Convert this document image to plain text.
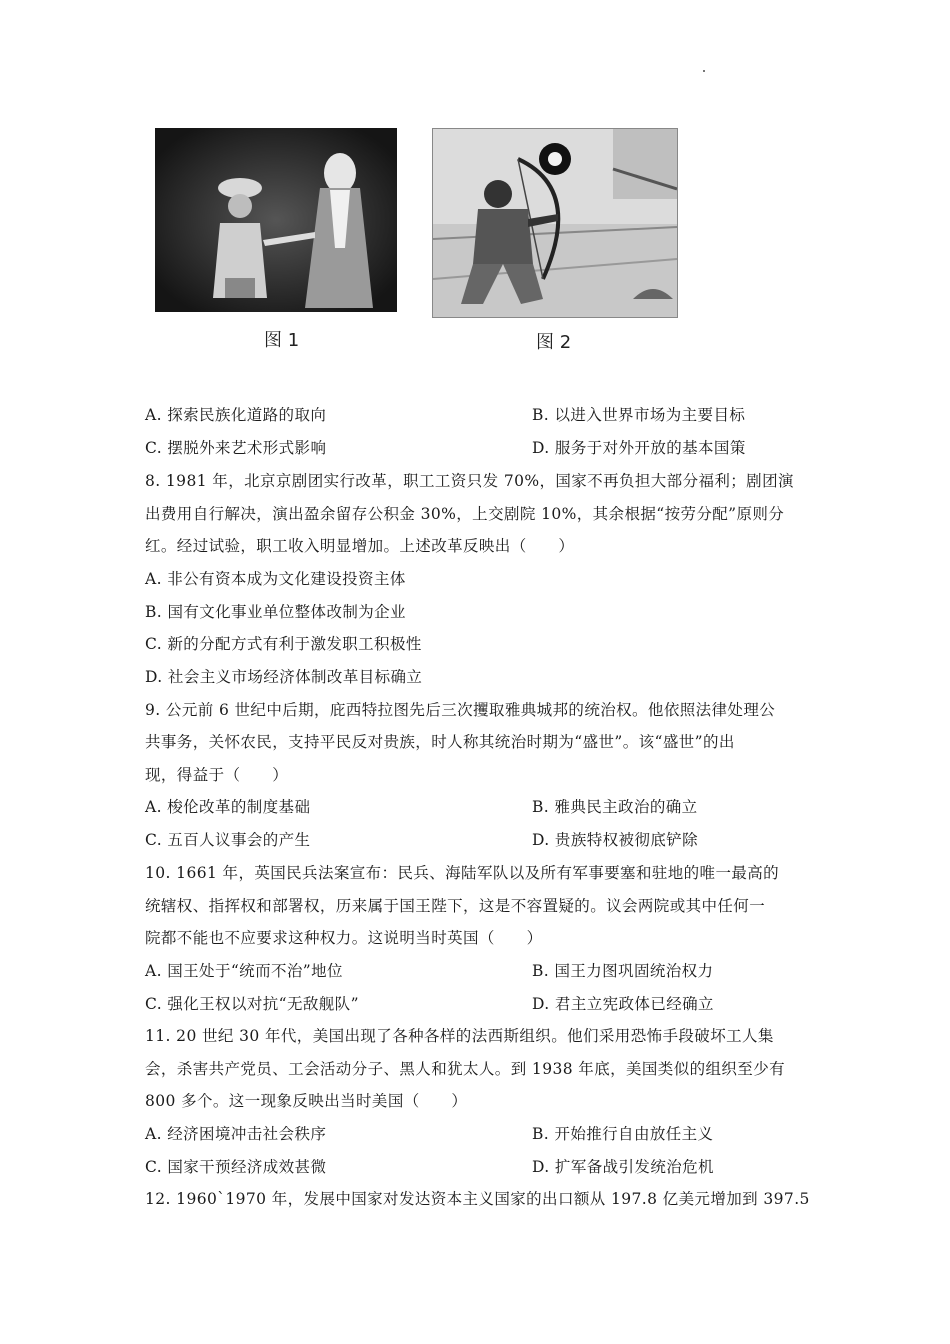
图 1	图 2
A. 探索民族化道路的取向	B. 以进入世界市场为主要目标
C. 摆脱外来艺术形式影响	D. 服务于对外开放的基本国策
8. 1981 年，北京京剧团实行改革，职工工资只发 70%，国家不再负担大部分福利；剧团演
出费用自行解决，演出盈余留存公积金 30%，上交剧院 10%，其余根据“按劳分配”原则分
红。经过试验，职工收入明显增加。上述改革反映出（　　）
A. 非公有资本成为文化建设投资主体
B. 国有文化事业单位整体改制为企业
C. 新的分配方式有利于激发职工积极性
D. 社会主义市场经济体制改革目标确立
9. 公元前 6 世纪中后期，庇西特拉图先后三次攫取雅典城邦的统治权。他依照法律处理公
共事务，关怀农民，支持平民反对贵族，时人称其统治时期为“盛世”。该“盛世”的出
现，得益于（　　）
A. 梭伦改革的制度基础	B. 雅典民主政治的确立
C. 五百人议事会的产生	D. 贵族特权被彻底铲除
10. 1661 年，英国民兵法案宣布：民兵、海陆军队以及所有军事要塞和驻地的唯一最高的
统辖权、指挥权和部署权，历来属于国王陛下，这是不容置疑的。议会两院或其中任何一
院都不能也不应要求这种权力。这说明当时英国（　　）
A. 国王处于“统而不治”地位	B. 国王力图巩固统治权力
C. 强化王权以对抗“无敌舰队”	D. 君主立宪政体已经确立
11. 20 世纪 30 年代，美国出现了各种各样的法西斯组织。他们采用恐怖手段破坏工人集
会，杀害共产党员、工会活动分子、黑人和犹太人。到 1938 年底，美国类似的组织至少有
800 多个。这一现象反映出当时美国（　　）
A. 经济困境冲击社会秩序	B. 开始推行自由放任主义
C. 国家干预经济成效甚微	D. 扩军备战引发统治危机
12. 1960`1970 年，发展中国家对发达资本主义国家的出口额从 197.8 亿美元增加到 397.5
